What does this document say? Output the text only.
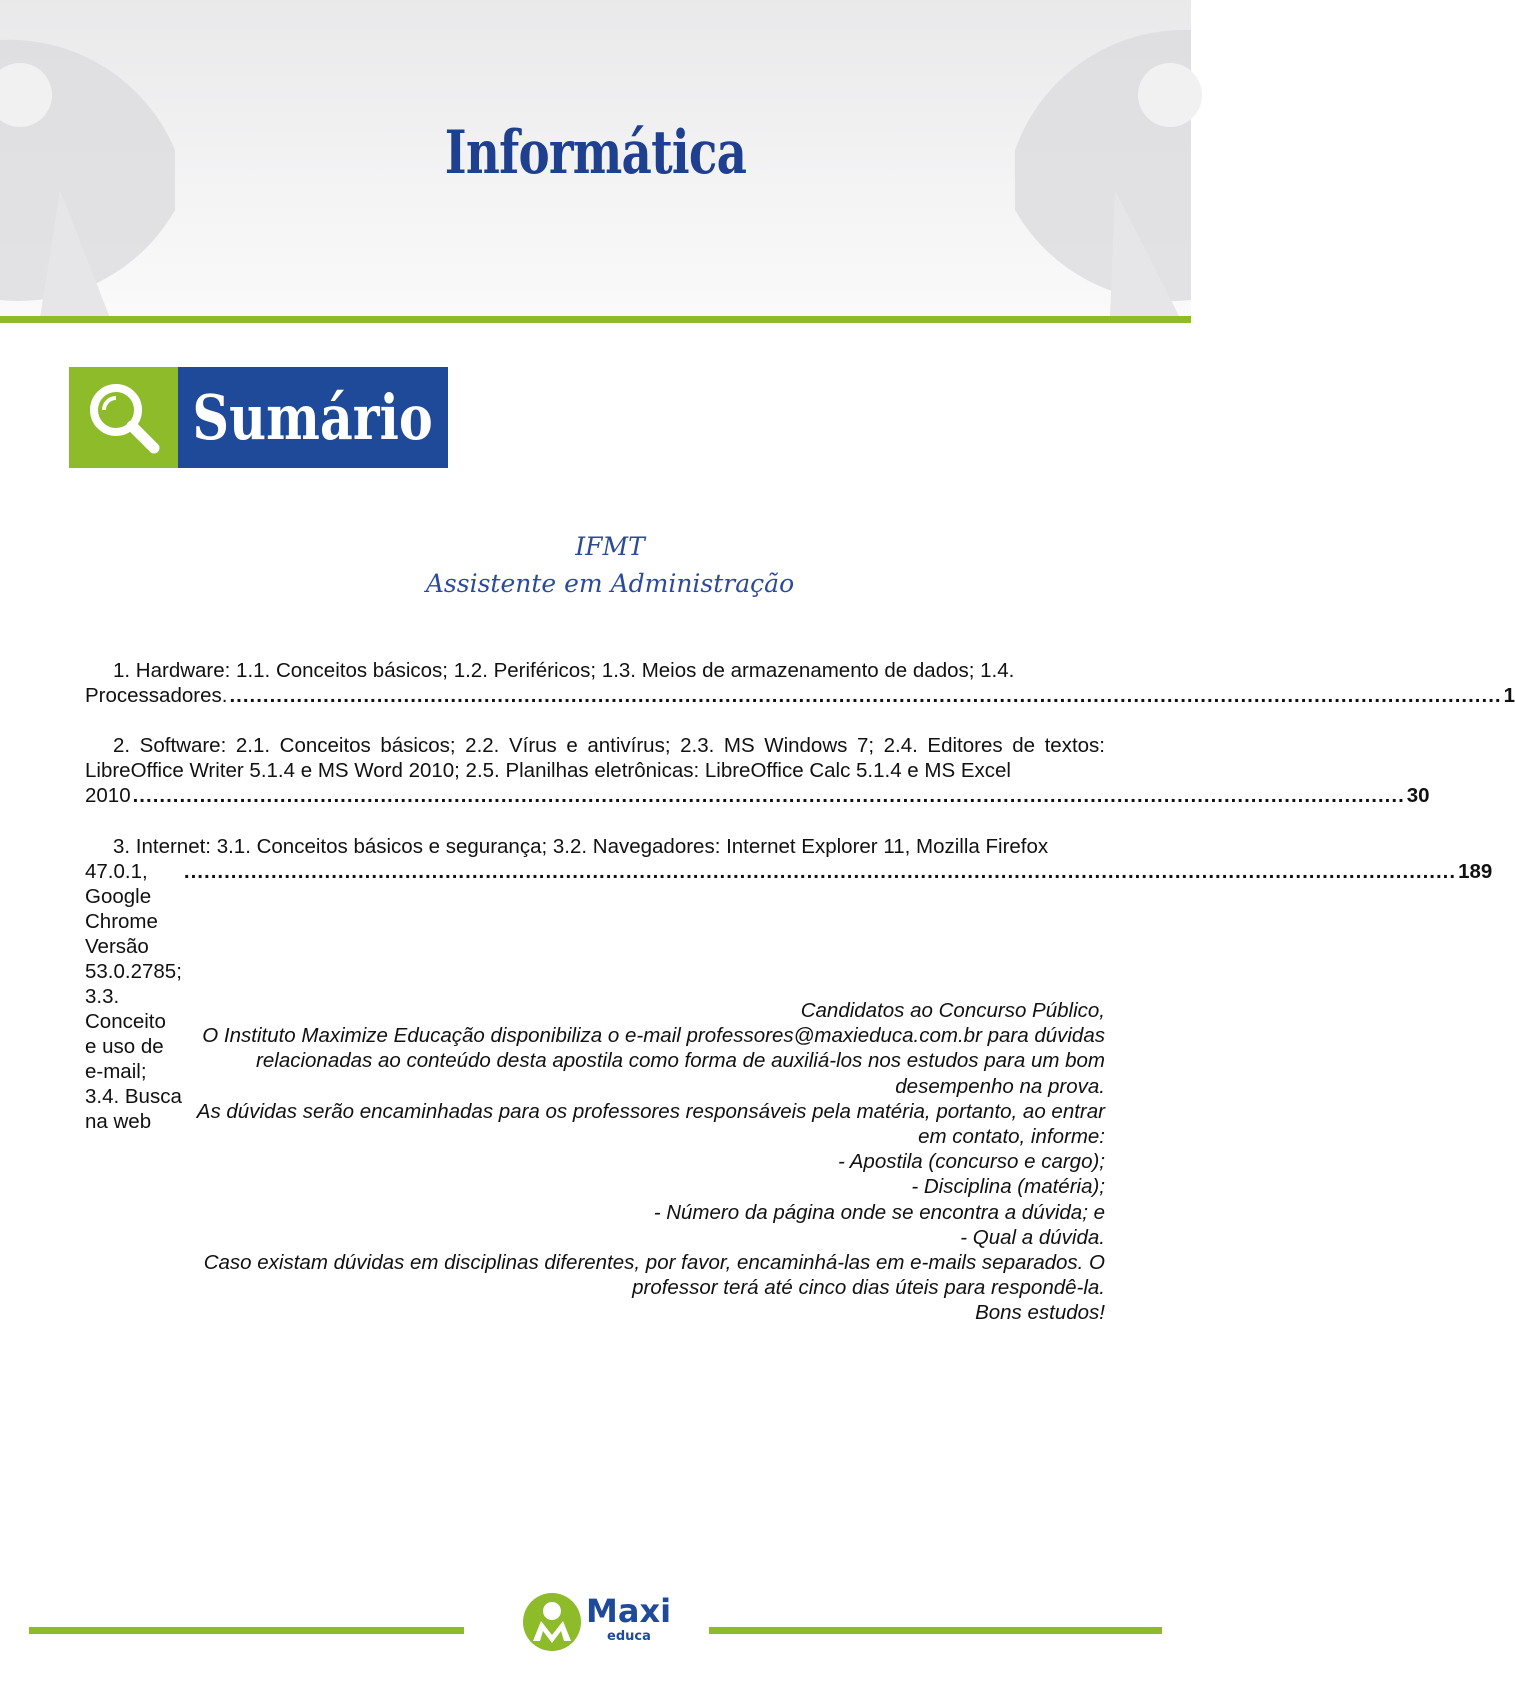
Informática
Sumário
IFMT
Assistente em Administração

1. Hardware: 1.1. Conceitos básicos; 1.2. Periféricos; 1.3. Meios de armazenamento de dados; 1.4.

Processadores. .............................................................................................................................................................................................. 1

2. Software: 2.1. Conceitos básicos; 2.2. Vírus e antivírus; 2.3. MS Windows 7; 2.4. Editores de textos: LibreOffice Writer 5.1.4 e MS Word 2010; 2.5. Planilhas eletrônicas: LibreOffice Calc 5.1.4 e MS Excel

2010 .............................................................................................................................................................................................. 30

3. Internet: 3.1. Conceitos básicos e segurança; 3.2. Navegadores: Internet Explorer 11, Mozilla Firefox

47.0.1, Google Chrome Versão 53.0.2785; 3.3. Conceito e uso de e-mail; 3.4. Busca na web
.............................................................................................................................................................................................. 189
Candidatos ao Concurso Público,
O Instituto Maximize Educação disponibiliza o e-mail professores@maxieduca.com.br para dúvidas
relacionadas ao conteúdo desta apostila como forma de auxiliá-los nos estudos para um bom
desempenho na prova.
As dúvidas serão encaminhadas para os professores responsáveis pela matéria, portanto, ao entrar
em contato, informe:
- Apostila (concurso e cargo);
- Disciplina (matéria);
- Número da página onde se encontra a dúvida; e
- Qual a dúvida.
Caso existam dúvidas em disciplinas diferentes, por favor, encaminhá-las em e-mails separados. O
professor terá até cinco dias úteis para respondê-la.
Bons estudos!
Maxi
educa
